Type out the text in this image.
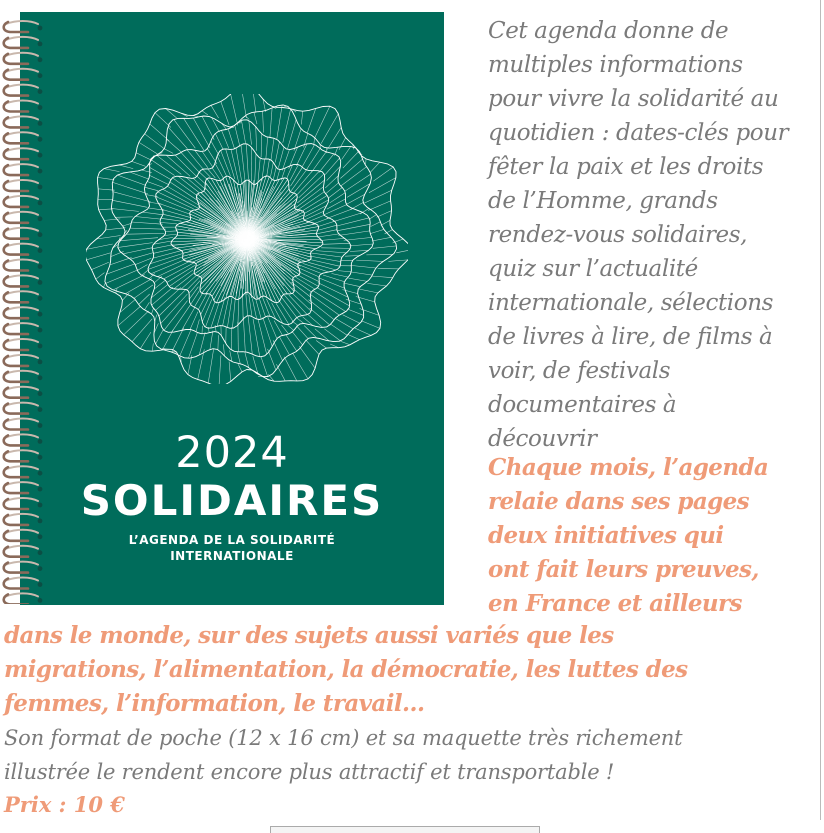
2024
SOLIDAIRES
L’AGENDA DE LA SOLIDARITÉ
INTERNATIONALE
Cet agenda donne de
multiples informations
pour vivre la solidarité au
quotidien : dates-clés pour
fêter la paix et les droits
de l’Homme, grands
rendez-vous solidaires,
quiz sur l’actualité
internationale, sélections
de livres à lire, de films à
voir, de festivals
documentaires à
découvrir
Chaque mois, l’agenda
relaie dans ses pages
deux initiatives qui
ont fait leurs preuves,
en France et ailleurs
dans le monde, sur des sujets aussi variés que les
migrations, l’alimentation, la démocratie, les luttes des
femmes, l’information, le travail…
Son format de poche (12 x 16 cm) et sa maquette très richement
illustrée le rendent encore plus attractif et transportable !
Prix : 10 €
